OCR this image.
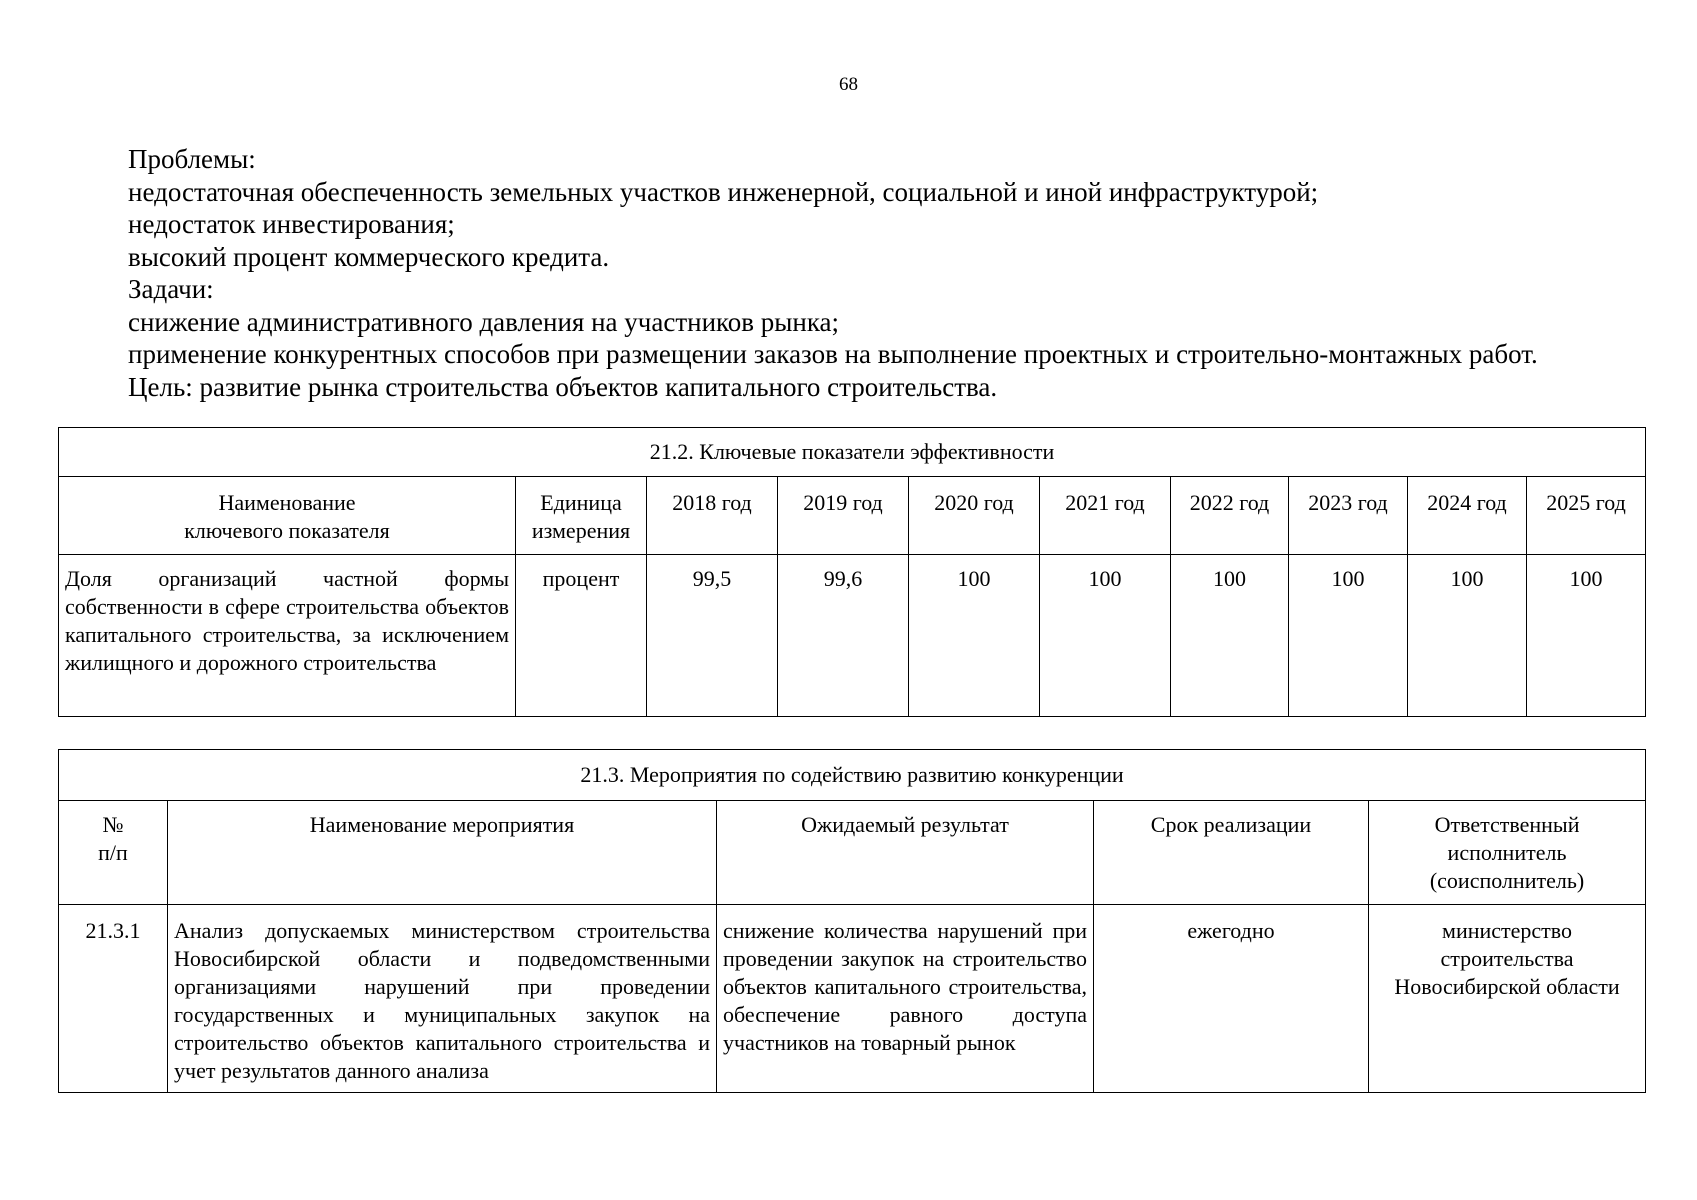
68
Проблемы:
недостаточная обеспеченность земельных участков инженерной, социальной и иной инфраструктурой;
недостаток инвестирования;
высокий процент коммерческого кредита.
Задачи:
снижение административного давления на участников рынка;
применение конкурентных способов при размещении заказов на выполнение проектных и строительно-монтажных работ.
Цель: развитие рынка строительства объектов капитального строительства.
21.2. Ключевые показатели эффективности									
Наименование
ключевого показателя	Единица измерения	2018 год	2019 год	2020 год	2021 год	2022 год	2023 год	2024 год	2025 год
Доля организаций частной формы собственности в сфере строительства объектов капитального строительства, за исключением жилищного и дорожного строительства	процент	99,5	99,6	100	100	100	100	100	100
21.3. Мероприятия по содействию развитию конкуренции				
№
п/п	Наименование мероприятия	Ожидаемый результат	Срок реализации	Ответственный исполнитель (соисполнитель)
21.3.1	Анализ допускаемых министерством строительства Новосибирской области и подведомственными организациями нарушений при проведении государственных и муниципальных закупок на строительство объектов капитального строительства и учет результатов данного анализа	снижение количества нарушений при проведении закупок на строительство объектов капитального строительства, обеспечение равного доступа участников на товарный рынок	ежегодно	министерство строительства Новосибирской области
